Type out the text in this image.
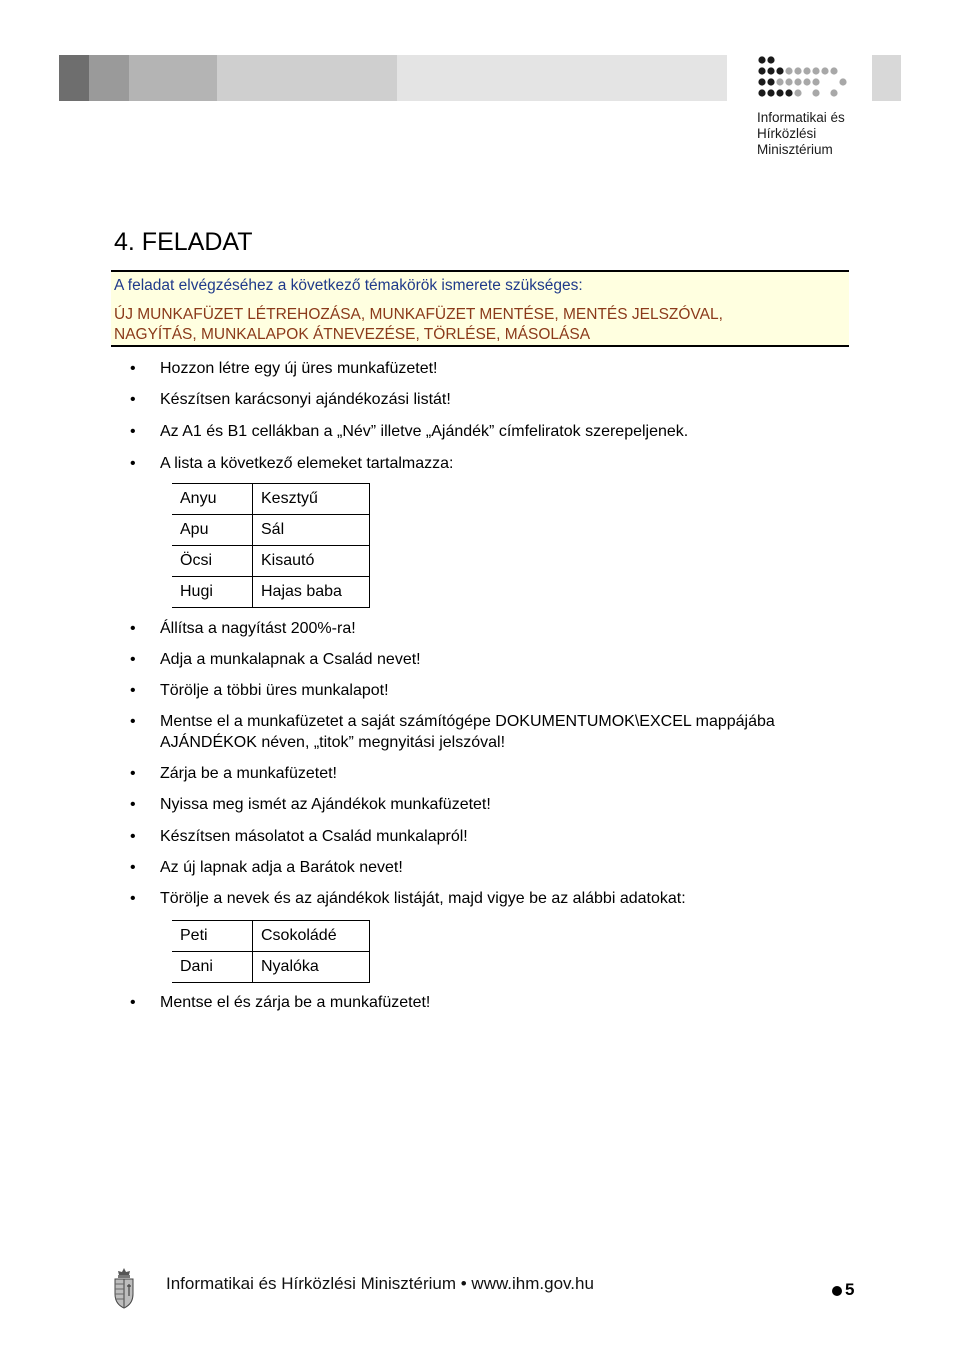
Informatikai és
Hírközlési
Minisztérium
4. FELADAT
A feladat elvégzéséhez a következő témakörök ismerete szükséges:
ÚJ MUNKAFÜZET LÉTREHOZÁSA, MUNKAFÜZET MENTÉSE, MENTÉS JELSZÓVAL,
NAGYÍTÁS, MUNKALAPOK ÁTNEVEZÉSE, TÖRLÉSE, MÁSOLÁSA
• Hozzon létre egy új üres munkafüzetet!
• Készítsen karácsonyi ajándékozási listát!
• Az A1 és B1 cellákban a „Név” illetve „Ajándék” címfeliratok szerepeljenek.
• A lista a következő elemeket tartalmazza:
Anyu	Kesztyű
Apu	Sál
Öcsi	Kisautó
Hugi	Hajas baba
• Állítsa a nagyítást 200%-ra!
• Adja a munkalapnak a Család nevet!
• Törölje a többi üres munkalapot!
• Mentse el a munkafüzetet a saját számítógépe DOKUMENTUMOK\EXCEL mappájába
AJÁNDÉKOK néven, „titok” megnyitási jelszóval!
• Zárja be a munkafüzetet!
• Nyissa meg ismét az Ajándékok munkafüzetet!
• Készítsen másolatot a Család munkalapról!
• Az új lapnak adja a Barátok nevet!
• Törölje a nevek és az ajándékok listáját, majd vigye be az alábbi adatokat:
Peti	Csokoládé
Dani	Nyalóka
• Mentse el és zárja be a munkafüzetet!
Informatikai és Hírközlési Minisztérium • www.ihm.gov.hu	5
